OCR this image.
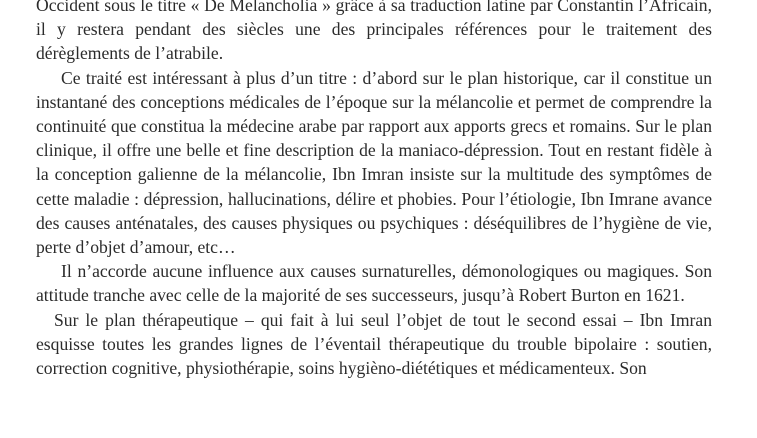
Occident sous le titre « De Melancholia » grâce à sa traduction latine par Constantin l’Africain, il y restera pendant des siècles une des principales références pour le traitement des dérèglements de l’atrabile.

Ce traité est intéressant à plus d’un titre : d’abord sur le plan historique, car il constitue un instantané des conceptions médicales de l’époque sur la mélancolie et permet de comprendre la continuité que constitua la médecine arabe par rapport aux apports grecs et romains. Sur le plan clinique, il offre une belle et fine description de la maniaco-dépression. Tout en restant fidèle à la conception galienne de la mélancolie, Ibn Imran insiste sur la multitude des symptômes de cette maladie : dépression, hallucinations, délire et phobies. Pour l’étiologie, Ibn Imrane avance des causes anténatales, des causes physiques ou psychiques : déséquilibres de l’hygiène de vie, perte d’objet d’amour, etc…

Il n’accorde aucune influence aux causes surnaturelles, démonologiques ou magiques. Son attitude tranche avec celle de la majorité de ses successeurs, jusqu’à Robert Burton en 1621.

Sur le plan thérapeutique – qui fait à lui seul l’objet de tout le second essai – Ibn Imran esquisse toutes les grandes lignes de l’éventail thérapeutique du trouble bipolaire : soutien, correction cognitive, physiothérapie, soins hygièno-diététiques et médicamenteux. Son
